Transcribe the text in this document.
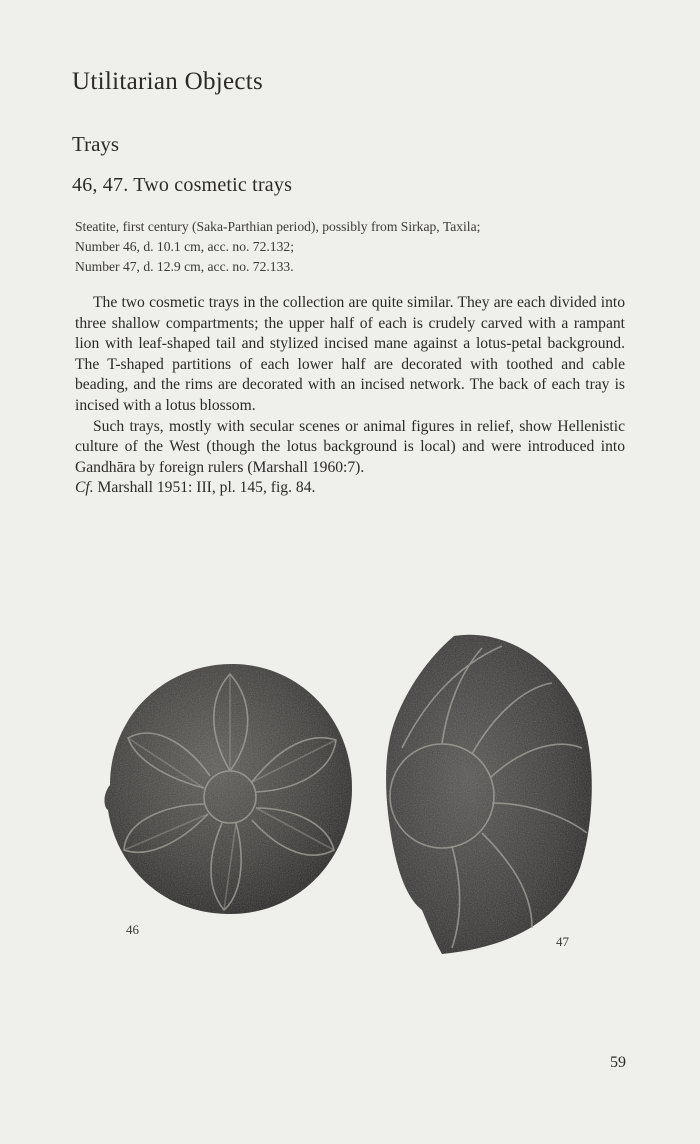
Utilitarian Objects
Trays
46, 47. Two cosmetic trays
Steatite, first century (Saka-Parthian period), possibly from Sirkap, Taxila;
Number 46, d. 10.1 cm, acc. no. 72.132;
Number 47, d. 12.9 cm, acc. no. 72.133.

The two cosmetic trays in the collection are quite similar. They are each divided into three shallow compartments; the upper half of each is crudely carved with a rampant lion with leaf-shaped tail and stylized incised mane against a lotus-petal background. The T-shaped partitions of each lower half are decorated with toothed and cable beading, and the rims are decorated with an incised network. The back of each tray is incised with a lotus blossom.

Such trays, mostly with secular scenes or animal figures in relief, show Hellenistic culture of the West (though the lotus background is local) and were introduced into Gandhāra by foreign rulers (Marshall 1960:7).

Cf. Marshall 1951: III, pl. 145, fig. 84.

46
47
59
